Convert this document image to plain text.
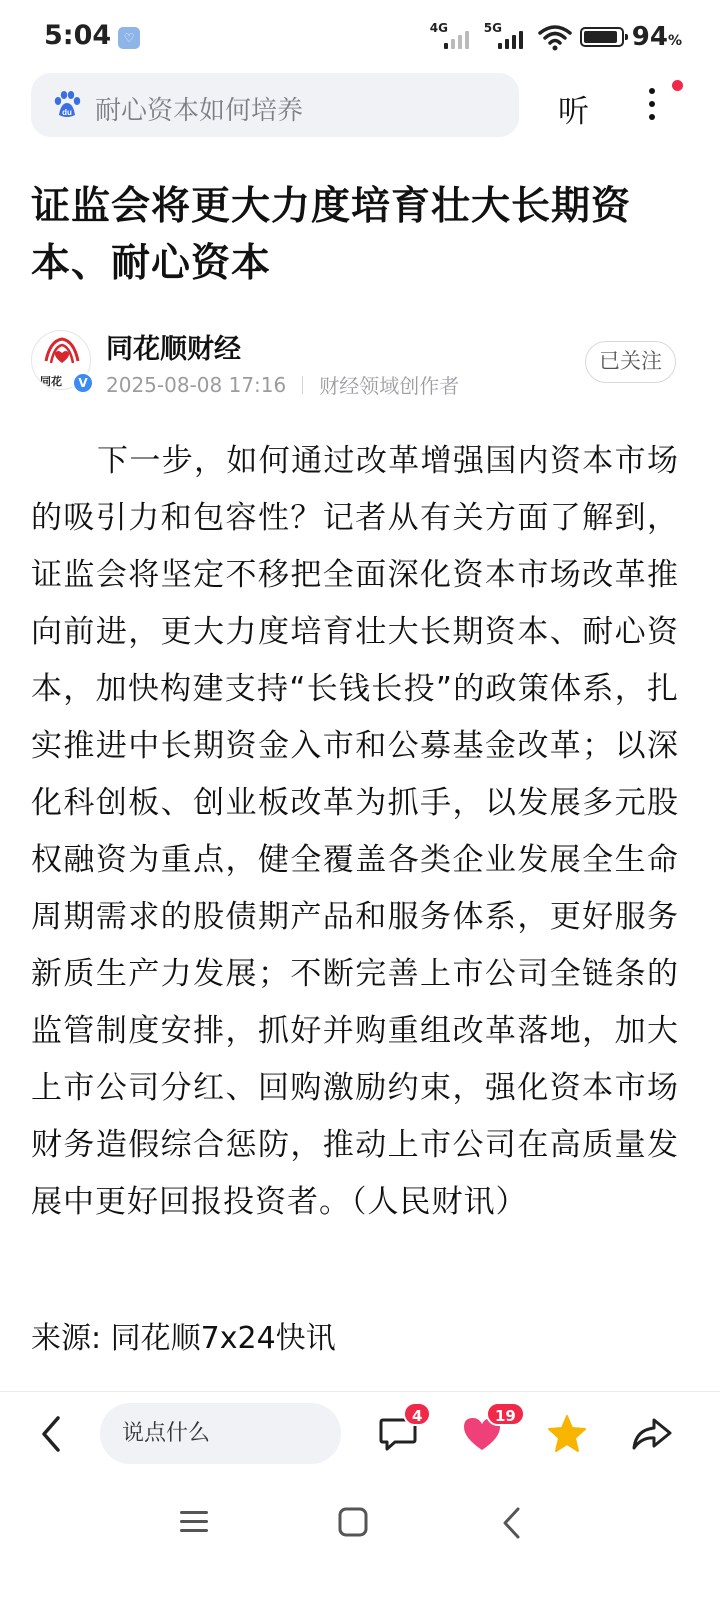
5:04	♡
4G	5G	94%
du 耐心资本如何培养	听
证监会将更大力度培育壮大长期资本、耐心资本
同花	V
同花顺财经
2025-08-08 17:16 财经领域创作者
已关注

下一步，如何通过改革增强国内资本市场的吸引力和包容性？记者从有关方面了解到，证监会将坚定不移把全面深化资本市场改革推向前进，更大力度培育壮大长期资本、耐心资本，加快构建支持“长钱长投”的政策体系，扎实推进中长期资金入市和公募基金改革；以深化科创板、创业板改革为抓手，以发展多元股权融资为重点，健全覆盖各类企业发展全生命周期需求的股债期产品和服务体系，更好服务新质生产力发展；不断完善上市公司全链条的监管制度安排，抓好并购重组改革落地，加大上市公司分红、回购激励约束，强化资本市场财务造假综合惩防，推动上市公司在高质量发展中更好回报投资者。（人民财讯）

来源: 同花顺7x24快讯
说点什么
4	19
